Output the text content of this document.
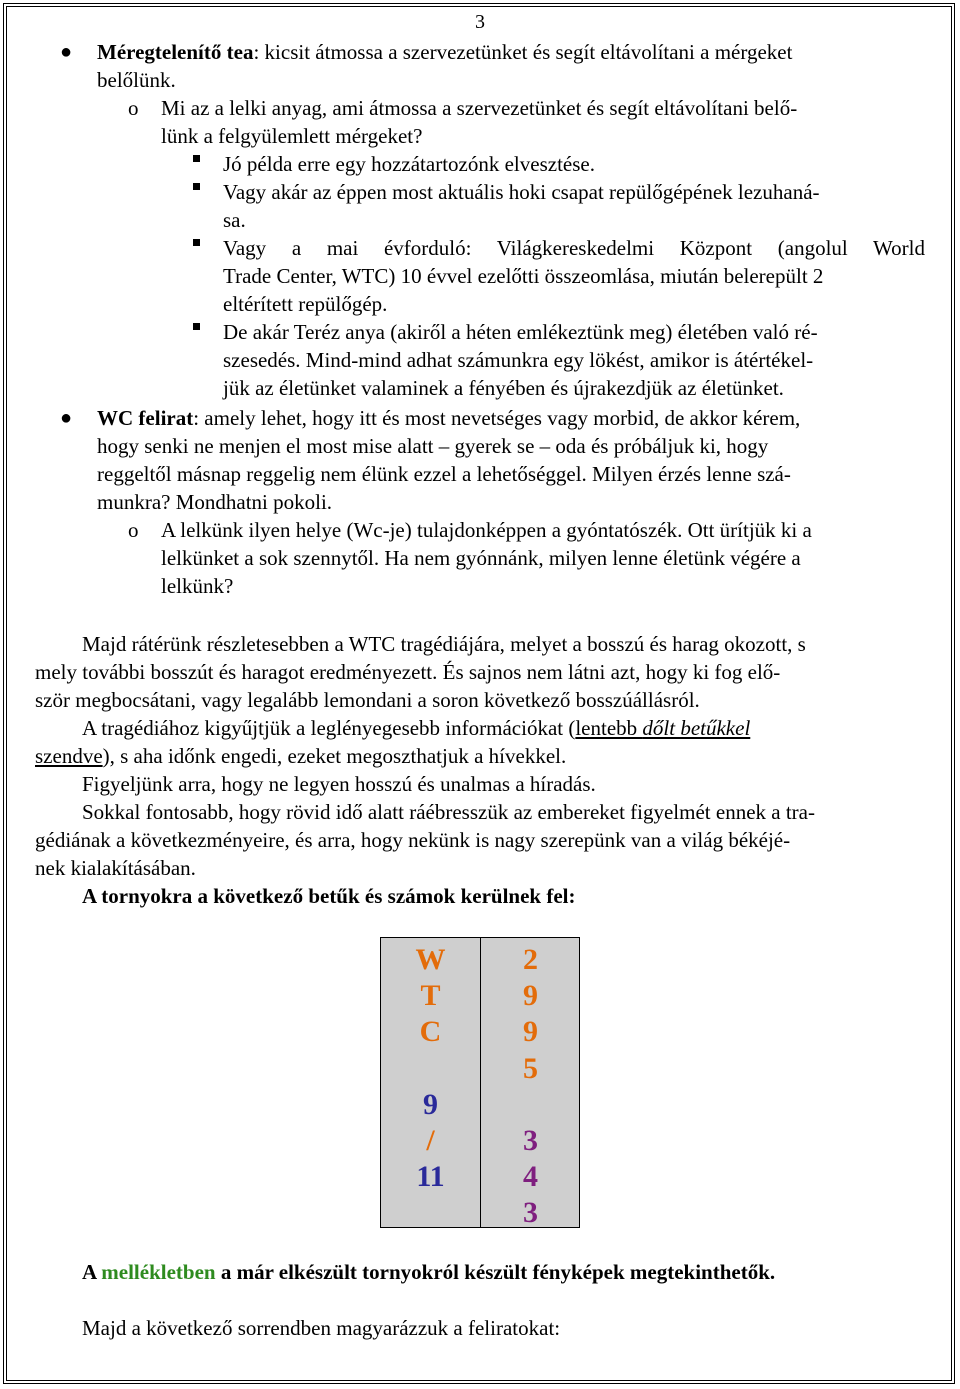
3
● Méregtelenítő tea: kicsit átmossa a szervezetünket és segít eltávolítani a mérgeket
belőlünk.
o Mi az a lelki anyag, ami átmossa a szervezetünket és segít eltávolítani belő-
lünk a felgyülemlett mérgeket?
Jó példa erre egy hozzátartozónk elvesztése.
Vagy akár az éppen most aktuális hoki csapat repülőgépének lezuhaná-
sa.
Vagy a mai évforduló: Világkereskedelmi Központ (angolul World
Trade Center, WTC) 10 évvel ezelőtti összeomlása, miután belerepült 2
eltérített repülőgép.
De akár Teréz anya (akiről a héten emlékeztünk meg) életében való ré-
szesedés. Mind-mind adhat számunkra egy lökést, amikor is átértékel-
jük az életünket valaminek a fényében és újrakezdjük az életünket.
● WC felirat: amely lehet, hogy itt és most nevetséges vagy morbid, de akkor kérem,
hogy senki ne menjen el most mise alatt – gyerek se – oda és próbáljuk ki, hogy
reggeltől másnap reggelig nem élünk ezzel a lehetőséggel. Milyen érzés lenne szá-
munkra? Mondhatni pokoli.
o A lelkünk ilyen helye (Wc-je) tulajdonképpen a gyóntatószék. Ott ürítjük ki a
lelkünket a sok szennytől. Ha nem gyónnánk, milyen lenne életünk végére a
lelkünk?
Majd rátérünk részletesebben a WTC tragédiájára, melyet a bosszú és harag okozott, s
mely további bosszút és haragot eredményezett. És sajnos nem látni azt, hogy ki fog elő-
ször megbocsátani, vagy legalább lemondani a soron következő bosszúállásról.
A tragédiához kigyűjtjük a leglényegesebb információkat (lentebb dőlt betűkkel
szendve), s aha időnk engedi, ezeket megoszthatjuk a hívekkel.
Figyeljünk arra, hogy ne legyen hosszú és unalmas a híradás.
Sokkal fontosabb, hogy rövid idő alatt ráébresszük az embereket figyelmét ennek a tra-
gédiának a következményeire, és arra, hogy nekünk is nagy szerepünk van a világ békéjé-
nek kialakításában.
A tornyokra a következő betűk és számok kerülnek fel:
W
T
C
9
/
11
2
9
9
5
3
4
3
A mellékletben a már elkészült tornyokról készült fényképek megtekinthetők.
Majd a következő sorrendben magyarázzuk a feliratokat:
